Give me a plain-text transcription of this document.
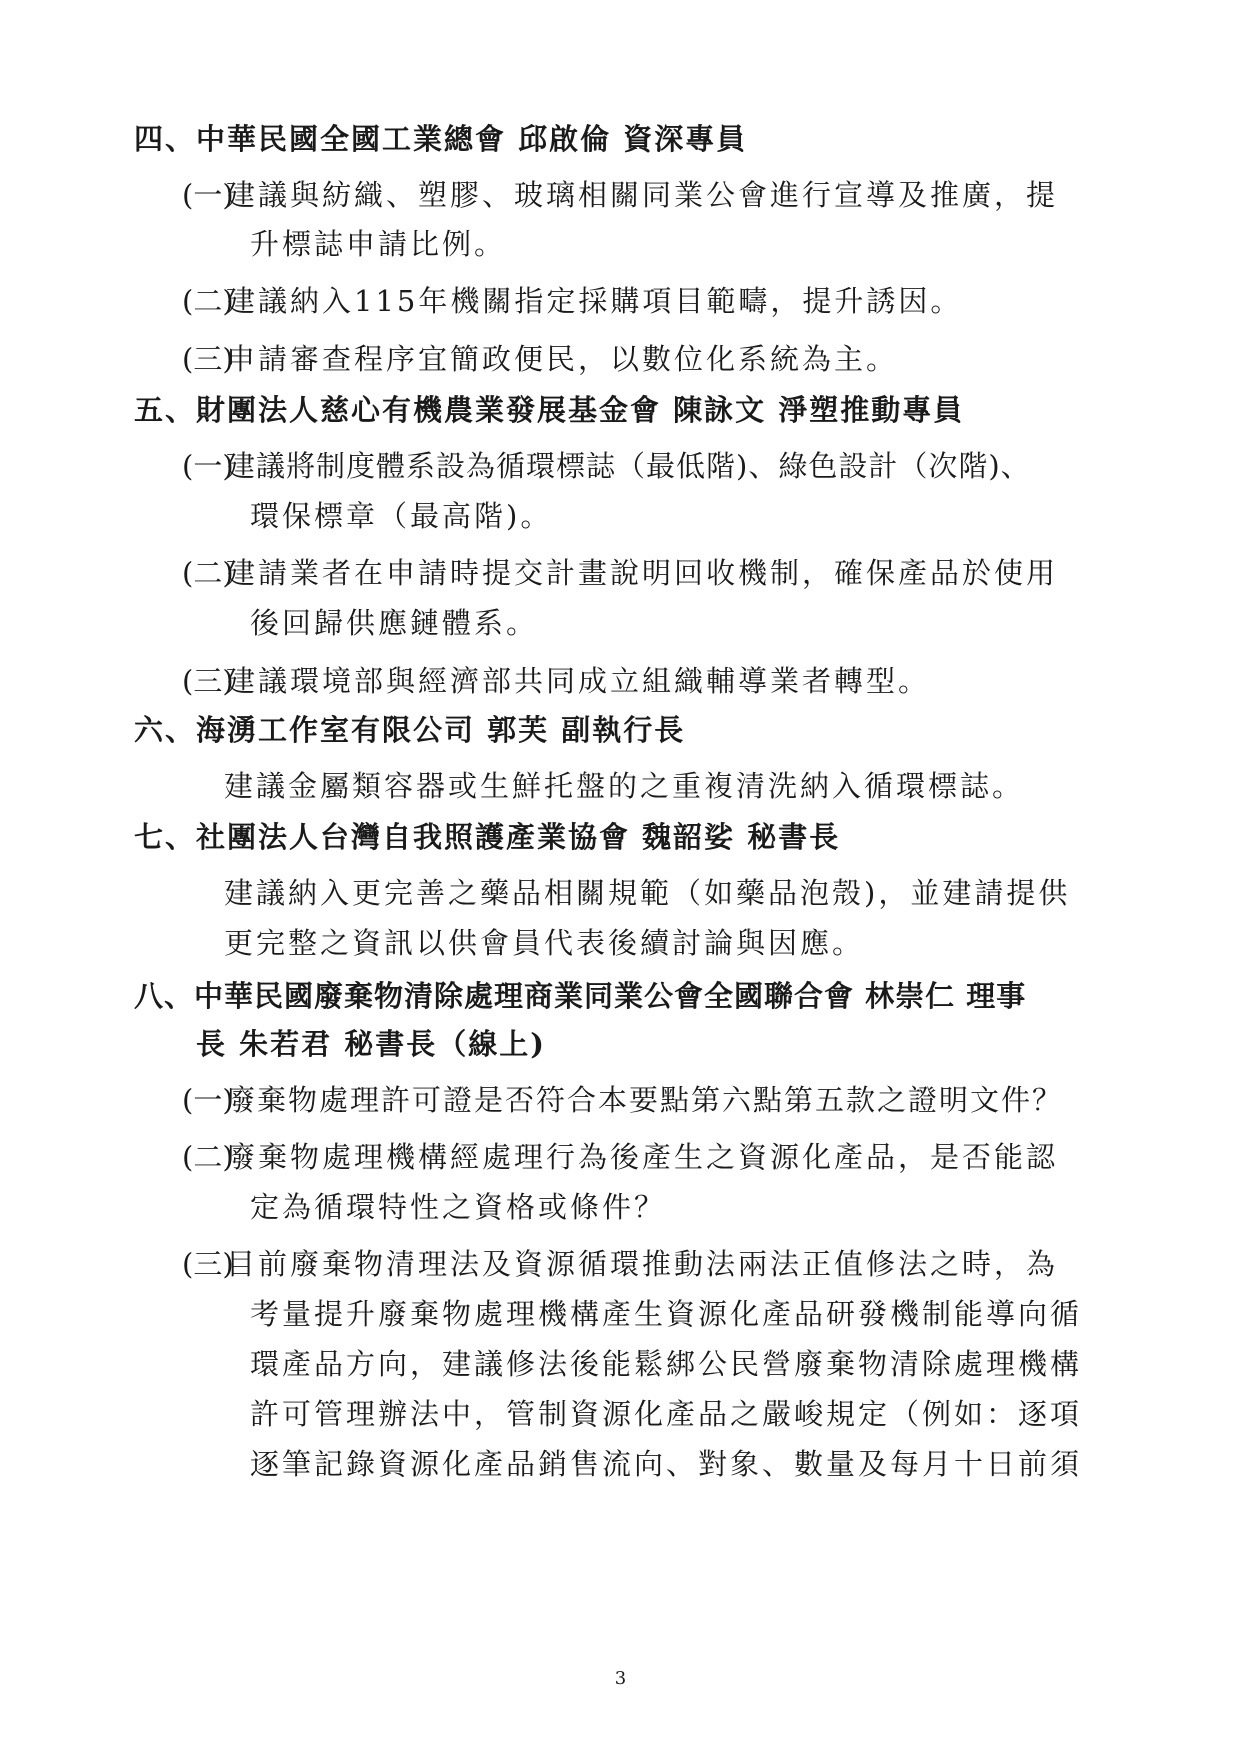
四、中華民國全國工業總會 邱啟倫 資深專員
(一)
建議與紡織、塑膠、玻璃相關同業公會進行宣導及推廣，提
升標誌申請比例。
(二)
建議納入115年機關指定採購項目範疇，提升誘因。
(三)
申請審查程序宜簡政便民，以數位化系統為主。
五、財團法人慈心有機農業發展基金會 陳詠文 淨塑推動專員
(一)
建議將制度體系設為循環標誌（最低階)、綠色設計（次階)、
環保標章（最高階)。
(二)
建請業者在申請時提交計畫說明回收機制，確保產品於使用
後回歸供應鏈體系。
(三)
建議環境部與經濟部共同成立組織輔導業者轉型。
六、海湧工作室有限公司 郭芙 副執行長
建議金屬類容器或生鮮托盤的之重複清洗納入循環標誌。
七、社團法人台灣自我照護產業協會 魏韶娑 秘書長
建議納入更完善之藥品相關規範（如藥品泡殼)，並建請提供
更完整之資訊以供會員代表後續討論與因應。
八、中華民國廢棄物清除處理商業同業公會全國聯合會 林崇仁 理事
長 朱若君 秘書長（線上)
(一)
廢棄物處理許可證是否符合本要點第六點第五款之證明文件？
(二)
廢棄物處理機構經處理行為後產生之資源化產品，是否能認
定為循環特性之資格或條件？
(三)
目前廢棄物清理法及資源循環推動法兩法正值修法之時，為
考量提升廢棄物處理機構產生資源化產品研發機制能導向循
環產品方向，建議修法後能鬆綁公民營廢棄物清除處理機構
許可管理辦法中，管制資源化產品之嚴峻規定（例如：逐項
逐筆記錄資源化產品銷售流向、對象、數量及每月十日前須
3
